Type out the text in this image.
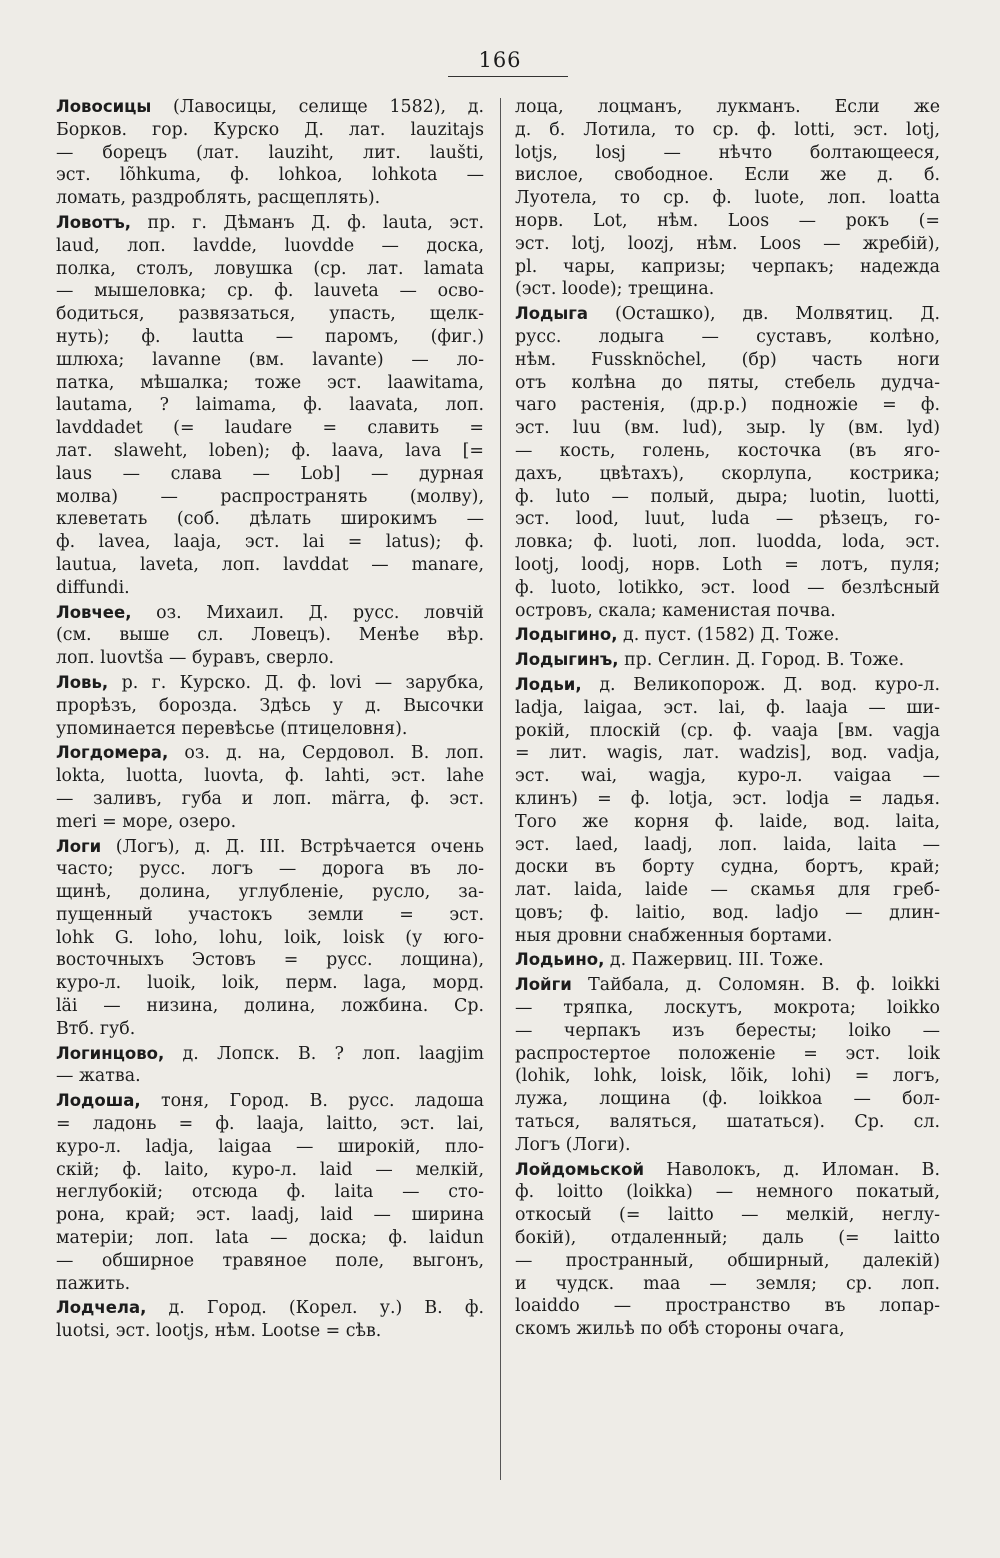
166
Ловосицы (Лавосицы, селище 1582), д.
Борков. гор. Курско Д. лат. lauzitajs
— борецъ (лат. lauziht, лит. laušti,
эст. lõhkuma, ф. lohkoa, lohkota —
ломать, раздроблять, расщеплять).
Ловотъ, пр. г. Дѣманъ Д. ф. lauta, эст.
laud, лоп. lavdde, luovdde — доска,
полка, столъ, ловушка (ср. лат. lamata
— мышеловка; ср. ф. lauveta — осво-
бодиться, развязаться, упасть, щелк-
нуть); ф. lautta — паромъ, (фиг.)
шлюха; lavanne (вм. lavante) — ло-
патка, мѣшалка; тоже эст. laawitama,
lautama, ? laimama, ф. laavata, лоп.
lavddadet (= laudare = славить =
лат. slaweht, loben); ф. laava, lava [=
laus — слава — Lob] — дурная
молва) — распространять (молву),
клеветать (соб. дѣлать широкимъ —
ф. lavea, laaja, эст. lai = latus); ф.
lautua, laveta, лоп. lavddat — manare,
diffundi.
Ловчее, оз. Михаил. Д. русс. ловчій
(см. выше сл. Ловецъ). Менѣе вѣр.
лоп. luovtša — буравъ, сверло.
Ловь, р. г. Курско. Д. ф. lovi — зарубка,
прорѣзъ, борозда. Здѣсь у д. Высочки
упоминается перевѣсье (птицеловня).
Логдомера, оз. д. на, Сердовол. В. лоп.
lokta, luotta, luovta, ф. lahti, эст. lahe
— заливъ, губа и лоп. märra, ф. эст.
meri = море, озеро.
Логи (Логъ), д. Д. III. Встрѣчается очень
часто; русс. логъ — дорога въ ло-
щинѣ, долина, углубленіе, русло, за-
пущенный участокъ земли = эст.
lohk G. loho, lohu, loik, loisk (у юго-
восточныхъ Эстовъ = русс. лощина),
куро-л. luoik, loik, перм. laga, морд.
läi — низина, долина, ложбина. Ср.
Втб. губ.
Логинцово, д. Лопск. В. ? лоп. laagjim
— жатва.
Лодоша, тоня, Город. В. русс. ладоша
= ладонь = ф. laaja, laitto, эст. lai,
куро-л. ladja, laigaa — широкій, пло-
скій; ф. laito, куро-л. laid — мелкій,
неглубокій; отсюда ф. laita — сто-
рона, край; эст. laadj, laid — ширина
матеріи; лоп. lata — доска; ф. laidun
— обширное травяное поле, выгонъ,
пажить.
Лодчела, д. Город. (Корел. у.) В. ф.
luotsi, эст. lootjs, нѣм. Lootse = сѣв.
лоца, лоцманъ, лукманъ. Если же
д. б. Лотила, то ср. ф. lotti, эст. lotj,
lotjs, losj — нѣчто болтающееся,
вислое, свободное. Если же д. б.
Луотела, то ср. ф. luote, лоп. loatta
норв. Lot, нѣм. Loos — рокъ (=
эст. lotj, loozj, нѣм. Loos — жребій),
pl. чары, капризы; черпакъ; надежда
(эст. loode); трещина.
Лодыга (Осташко), дв. Молвятиц. Д.
русс. лодыга — суставъ, колѣно,
нѣм. Fussknöchel, (бр) часть ноги
отъ колѣна до пяты, стебель дудча-
чаго растенія, (др.р.) подножіе = ф.
эст. luu (вм. lud), зыр. ly (вм. lyd)
— кость, голень, косточка (въ яго-
дахъ, цвѣтахъ), скорлупа, кострика;
ф. luto — полый, дыра; luotin, luotti,
эст. lood, luut, luda — рѣзецъ, го-
ловка; ф. luoti, лоп. luodda, loda, эст.
lootj, loodj, норв. Loth = лотъ, пуля;
ф. luoto, lotikko, эст. lood — безлѣсный
островъ, скала; каменистая почва.
Лодыгино, д. пуст. (1582) Д. Тоже.
Лодыгинъ, пр. Сеглин. Д. Город. В. Тоже.
Лодьи, д. Великопорож. Д. вод. куро-л.
ladja, laigaa, эст. lai, ф. laaja — ши-
рокій, плоскій (ср. ф. vaaja [вм. vagja
= лит. wagis, лат. wadzis], вод. vadja,
эст. wai, wagja, куро-л. vaigaa —
клинъ) = ф. lotja, эст. lodja = ладья.
Того же корня ф. laide, вод. laita,
эст. laed, laadj, лоп. laida, laita —
доски въ борту судна, бортъ, край;
лат. laida, laide — скамья для греб-
цовъ; ф. laitio, вод. ladjo — длин-
ныя дровни снабженныя бортами.
Лодьино, д. Пажервиц. III. Тоже.
Лойги Тайбала, д. Соломян. В. ф. loikki
— тряпка, лоскутъ, мокрота; loikko
— черпакъ изъ бересты; loiko —
распростертое положеніе = эст. loik
(lohik, lohk, loisk, lõik, lohi) = логъ,
лужа, лощина (ф. loikkoa — бол-
таться, валяться, шататься). Ср. сл.
Логъ (Логи).
Лойдомьской Наволокъ, д. Иломан. В.
ф. loitto (loikka) — немного покатый,
откосый (= laitto — мелкій, неглу-
бокій), отдаленный; даль (= laitto
— пространный, обширный, далекій)
и чудск. maa — земля; ср. лоп.
loaiddo — пространство въ лопар-
скомъ жильѣ по обѣ стороны очага,
